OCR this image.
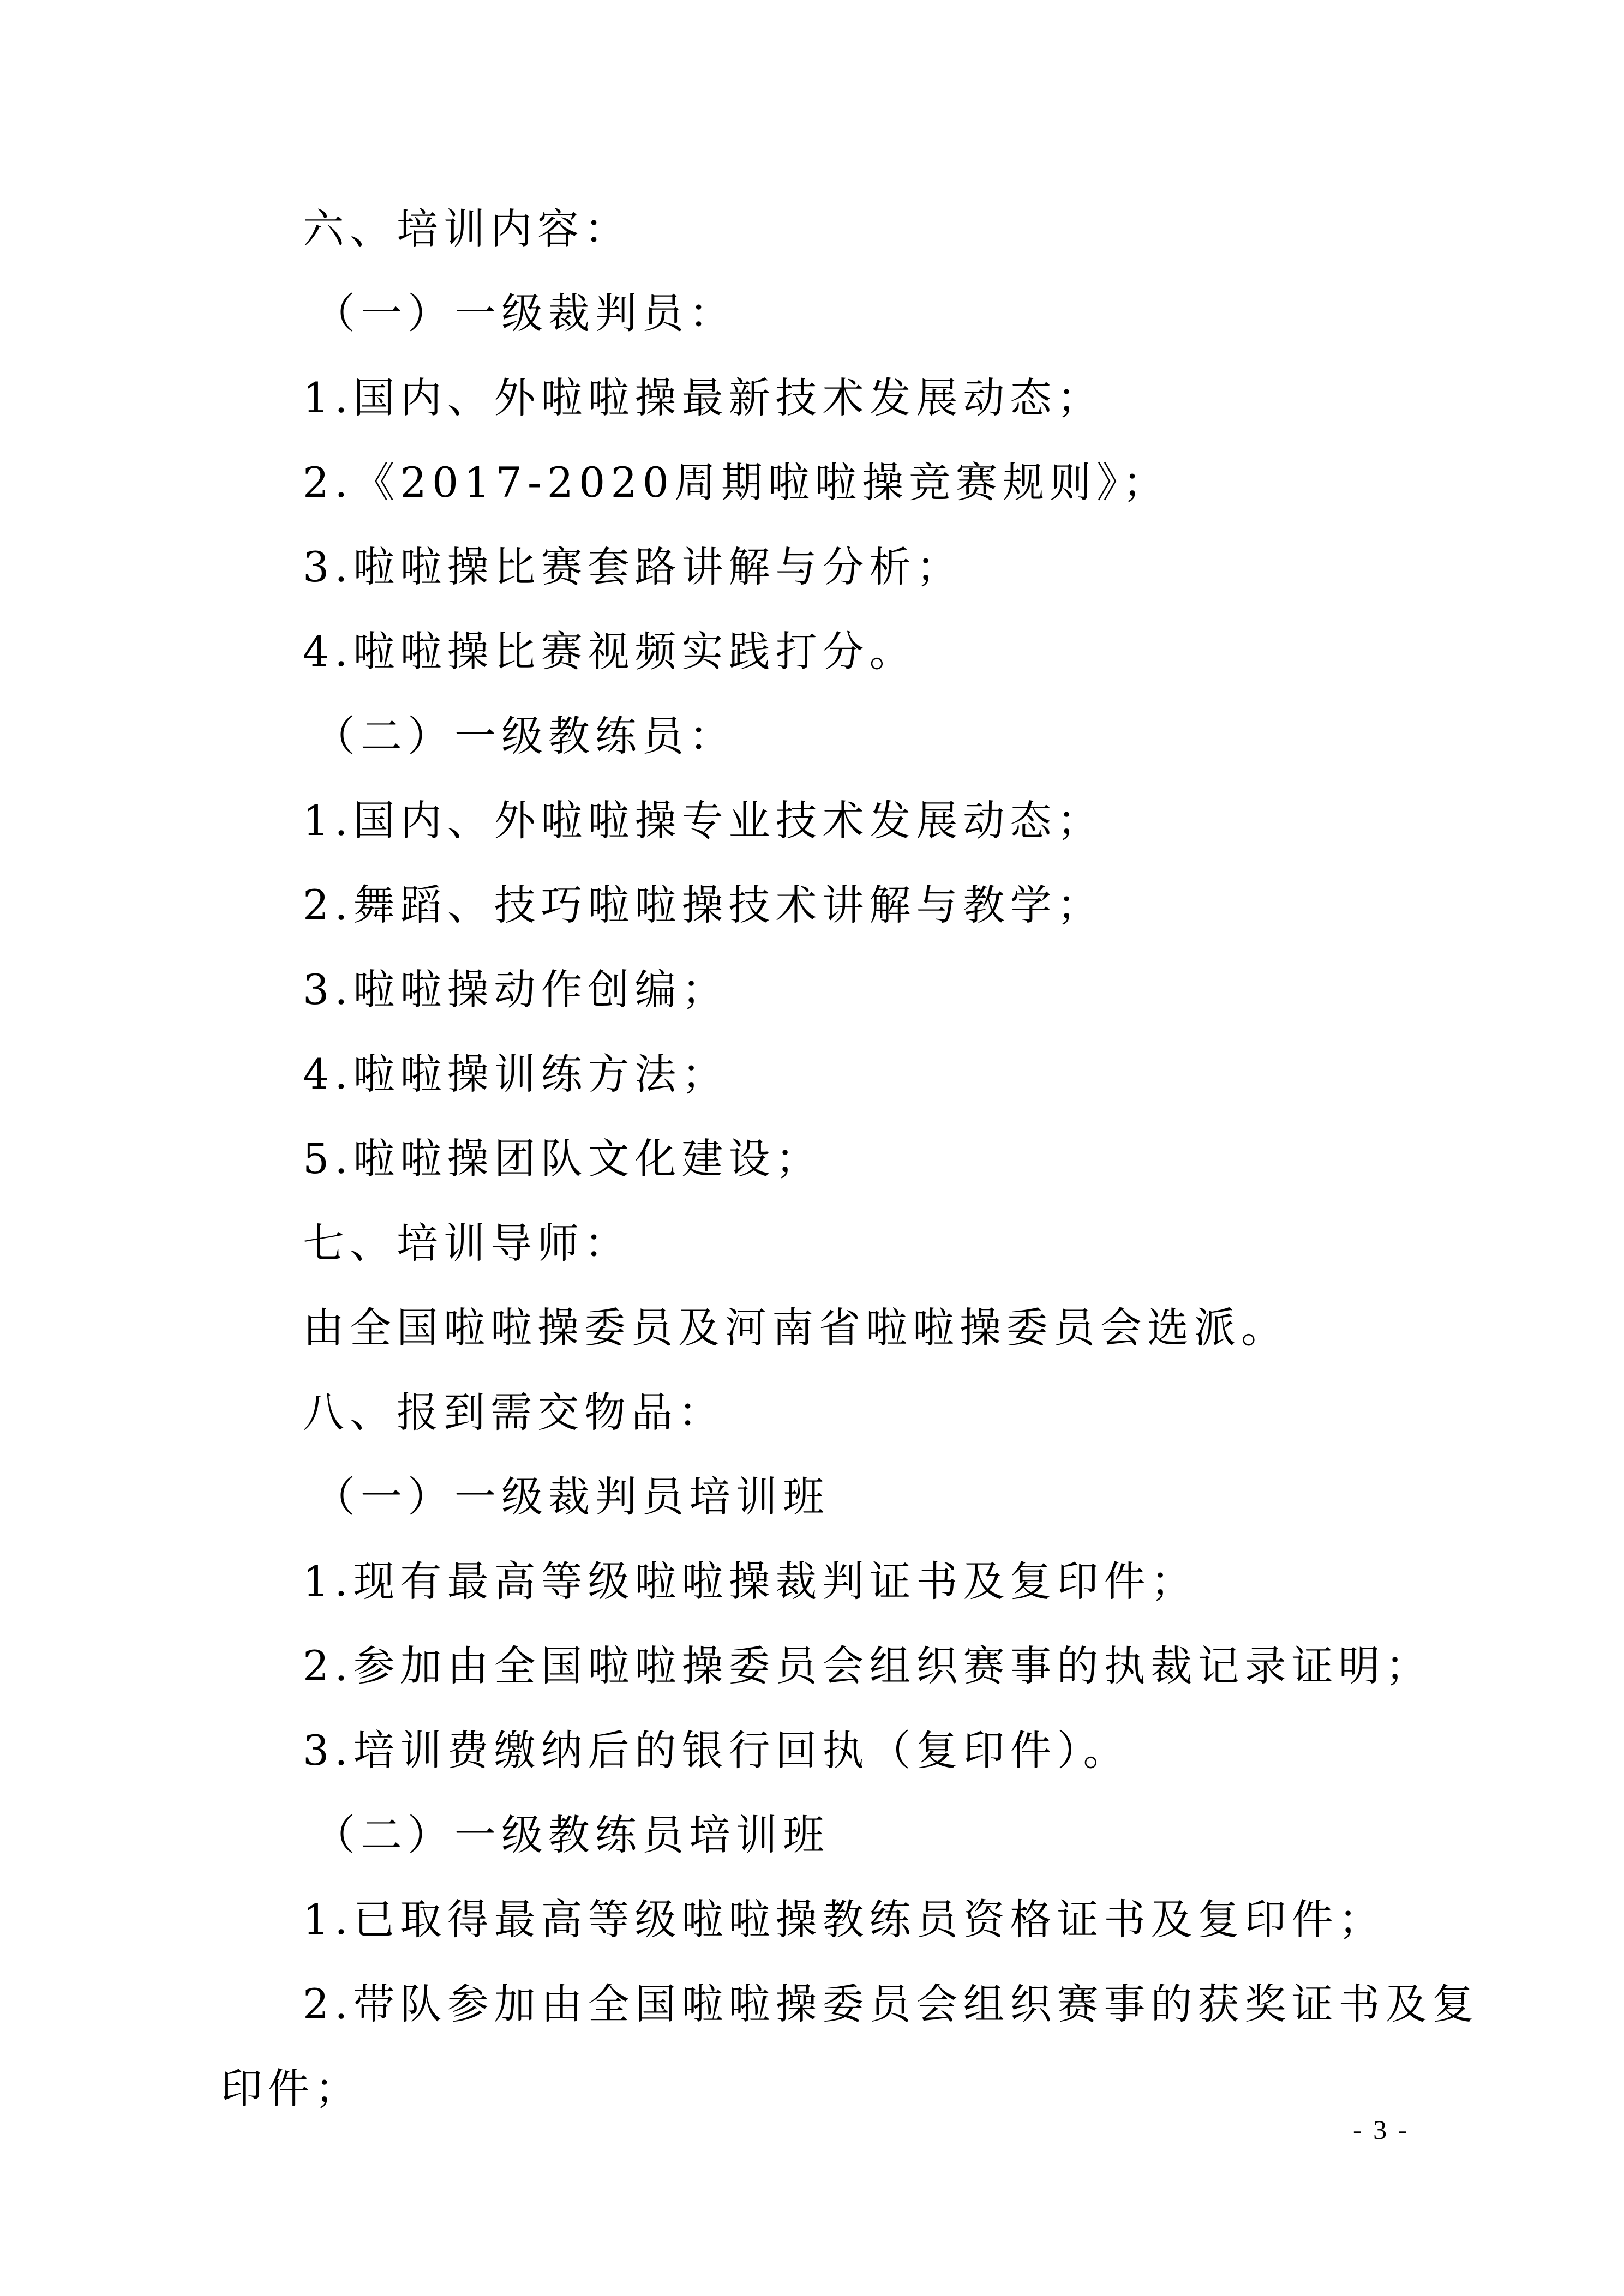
六、培训内容：
（一）一级裁判员：
1.国内、外啦啦操最新技术发展动态；
2.《2017-2020周期啦啦操竞赛规则》；
3.啦啦操比赛套路讲解与分析；
4.啦啦操比赛视频实践打分。
（二）一级教练员：
1.国内、外啦啦操专业技术发展动态；
2.舞蹈、技巧啦啦操技术讲解与教学；
3.啦啦操动作创编；
4.啦啦操训练方法；
5.啦啦操团队文化建设；
七、培训导师：
由全国啦啦操委员及河南省啦啦操委员会选派。
八、报到需交物品：
（一）一级裁判员培训班
1.现有最高等级啦啦操裁判证书及复印件；
2.参加由全国啦啦操委员会组织赛事的执裁记录证明；
3.培训费缴纳后的银行回执（复印件）。
（二）一级教练员培训班
1.已取得最高等级啦啦操教练员资格证书及复印件；
2.带队参加由全国啦啦操委员会组织赛事的获奖证书及复
印件；
- 3 -
